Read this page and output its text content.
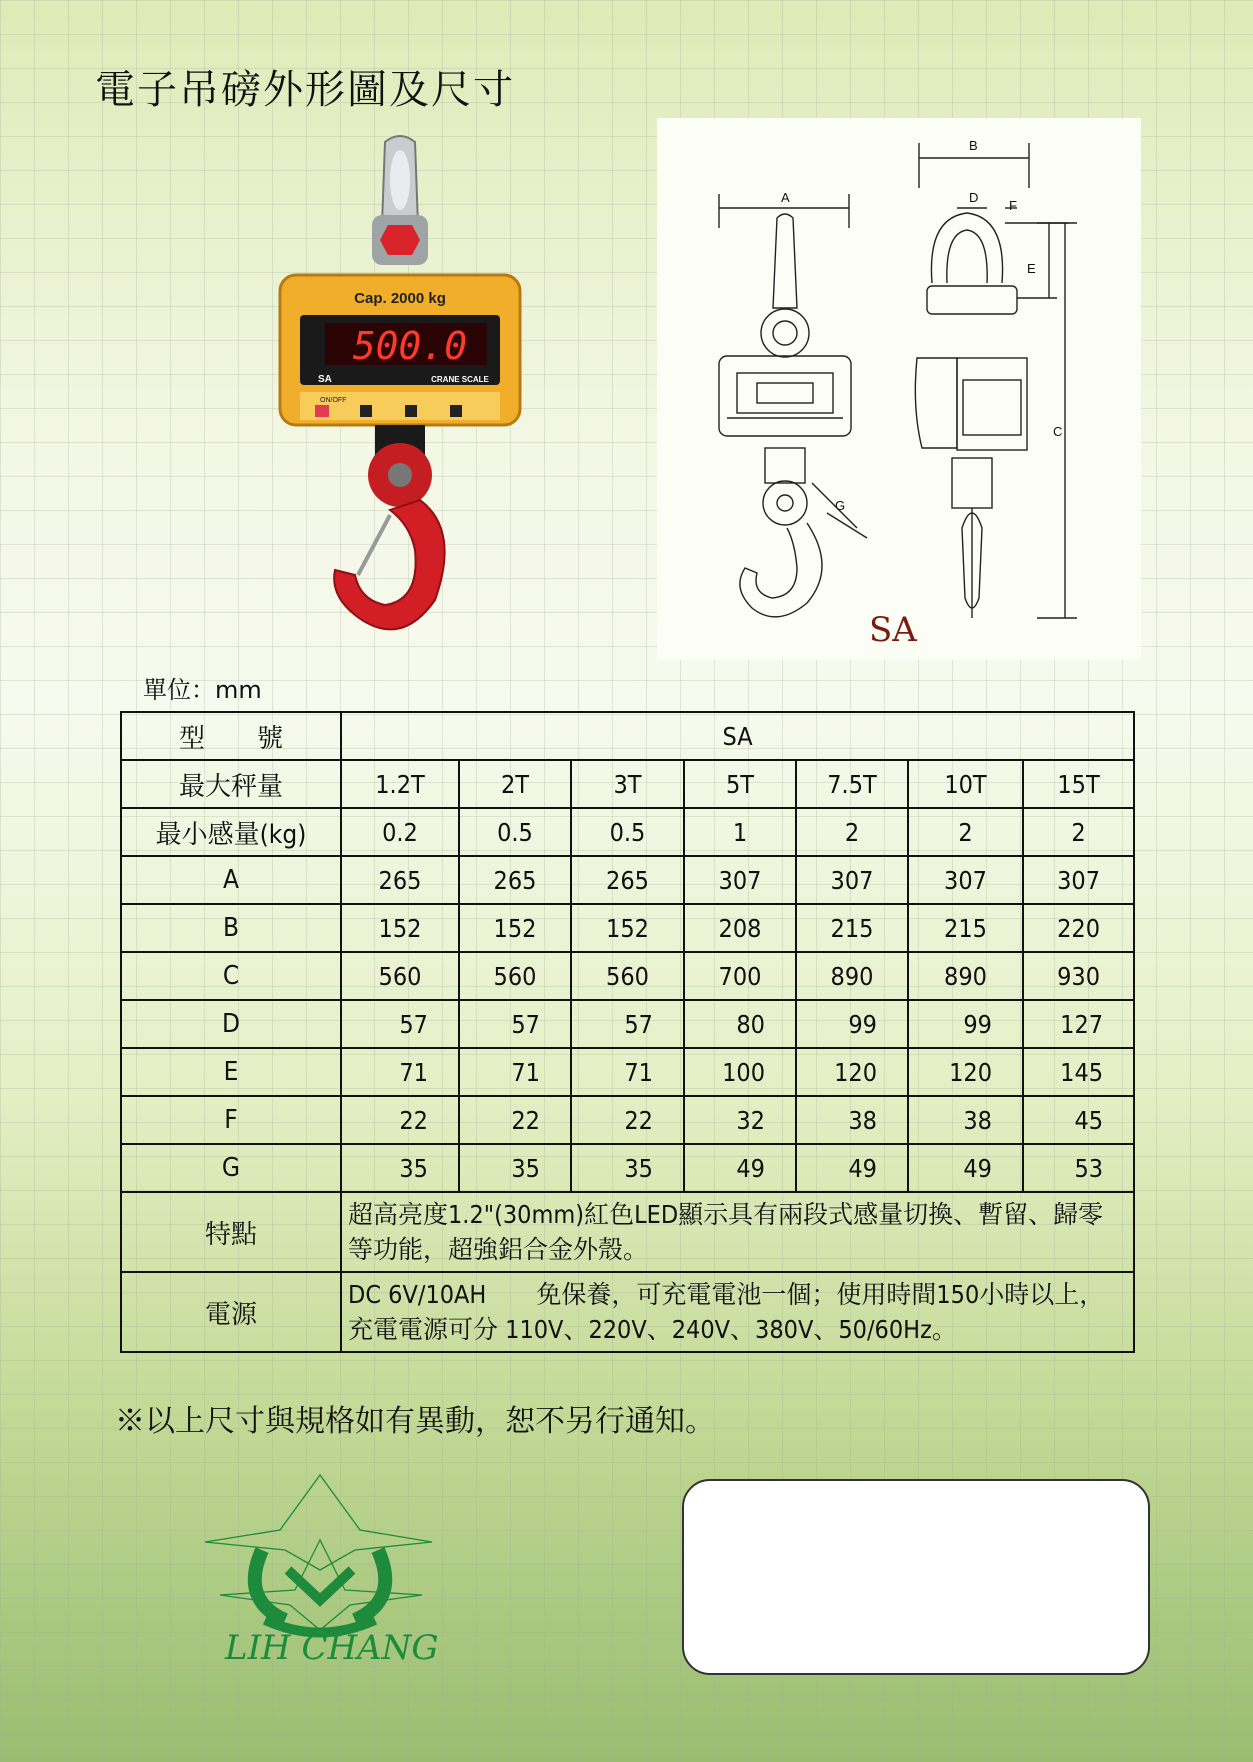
電子吊磅外形圖及尺寸
Cap. 2000 kg
500.0
SA	CRANE SCALE
ON/OFF
A
B
C
D
E
F
G
SA
單位：mm
型　　號	SA						
最大秤量	1.2T	2T	3T	5T	7.5T	10T	15T
最小感量(kg)	0.2	0.5	0.5	1	2	2	2
A	265	265	265	307	307	307	307
B	152	152	152	208	215	215	220
C	560	560	560	700	890	890	930
D	57	57	57	80	99	99	127
E	71	71	71	100	120	120	145
F	22	22	22	32	38	38	45
G	35	35	35	49	49	49	53
特點	超高亮度1.2"(30mm)紅色LED顯示具有兩段式感量切換、暫留、歸零等功能，超強鋁合金外殼。						
電源	DC 6V/10AH　　免保養，可充電電池一個；使用時間150小時以上，
充電電源可分 110V、220V、240V、380V、50/60Hz。						
※以上尺寸與規格如有異動，恕不另行通知。
LIH CHANG
